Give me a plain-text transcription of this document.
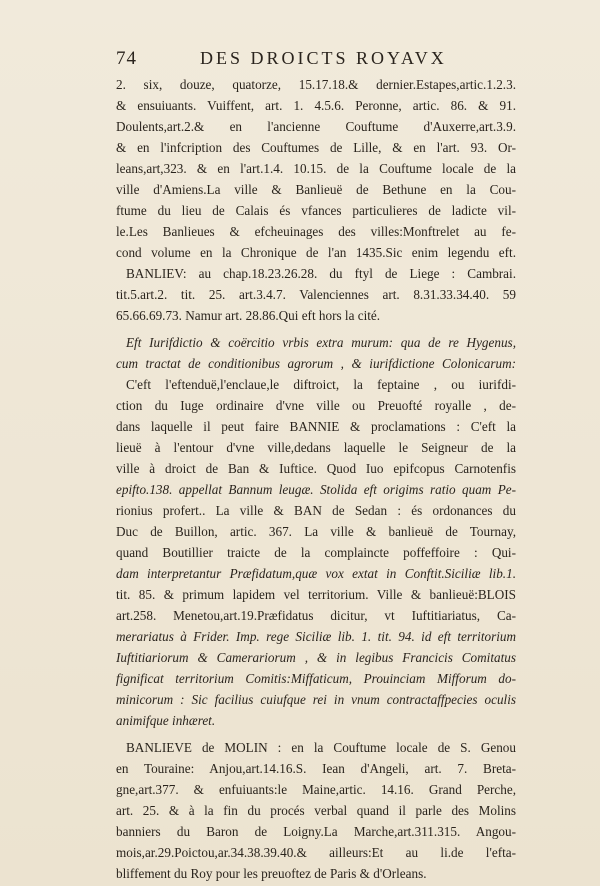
74	DES DROICTS ROYAVX
2. six, douze, quatorze, 15.17.18.& dernier.Estapes,artic.1.2.3.
& ensuiuants. Vuiffent, art. 1. 4.5.6. Peronne, artic. 86. & 91.
Doulents,art.2.& en l'ancienne Couftume d'Auxerre,art.3.9.
& en l'infcription des Couftumes de Lille, & en l'art. 93. Or-
leans,art,323. & en l'art.1.4. 10.15. de la Couftume locale de la
ville d'Amiens.La ville & Banlieuë de Bethune en la Cou-
ftume du lieu de Calais és vfances particulieres de ladicte vil-
le.Les Banlieues & efcheuinages des villes:Monftrelet au fe-
cond volume en la Chronique de l'an 1435.Sic enim legendu eft.
BANLIEV: au chap.18.23.26.28. du ftyl de Liege : Cambrai.
tit.5.art.2. tit. 25. art.3.4.7. Valenciennes art. 8.31.33.34.40. 59
65.66.69.73. Namur art. 28.86.Qui eft hors la cité.
Eft Iurifdictio & coërcitio vrbis extra murum: qua de re Hygenus,
cum tractat de conditionibus agrorum , & iurifdictione Colonicarum:
C'eft l'eftenduë,l'enclaue,le diftroict, la feptaine , ou iurifdi-
ction du Iuge ordinaire d'vne ville ou Preuofté royalle , de-
dans laquelle il peut faire BANNIE & proclamations : C'eft la
lieuë à l'entour d'vne ville,dedans laquelle le Seigneur de la
ville à droict de Ban & Iuftice. Quod Iuo epifcopus Carnotenfis
epifto.138. appellat Bannum leugæ. Stolida eft origims ratio quam Pe-
rionius profert.. La ville & BAN de Sedan : és ordonances du
Duc de Buillon, artic. 367. La ville & banlieuë de Tournay,
quand Boutillier traicte de la complaincte poffeffoire : Qui-
dam interpretantur Præfidatum,quæ vox extat in Conftit.Siciliæ lib.1.
tit. 85. & primum lapidem vel territorium. Ville & banlieuë:BLOIS
art.258. Menetou,art.19.Præfidatus dicitur, vt Iuftitiariatus, Ca-
merariatus à Frider. Imp. rege Siciliæ lib. 1. tit. 94. id eft territorium
Iuftitiariorum & Camerariorum , & in legibus Francicis Comitatus
fignificat territorium Comitis:Miffaticum, Prouinciam Mifforum do-
minicorum : Sic facilius cuiufque rei in vnum contractaffpecies oculis
animifque inhæret.
BANLIEVE de MOLIN : en la Couftume locale de S. Genou
en Touraine: Anjou,art.14.16.S. Iean d'Angeli, art. 7. Breta-
gne,art.377. & enfuiuants:le Maine,artic. 14.16. Grand Perche,
art. 25. & à la fin du procés verbal quand il parle des Molins
banniers du Baron de Loigny.La Marche,art.311.315. Angou-
mois,ar.29.Poictou,ar.34.38.39.40.& ailleurs:Et au li.de l'efta-
bliffement du Roy pour les preuoftez de Paris & d'Orleans.
